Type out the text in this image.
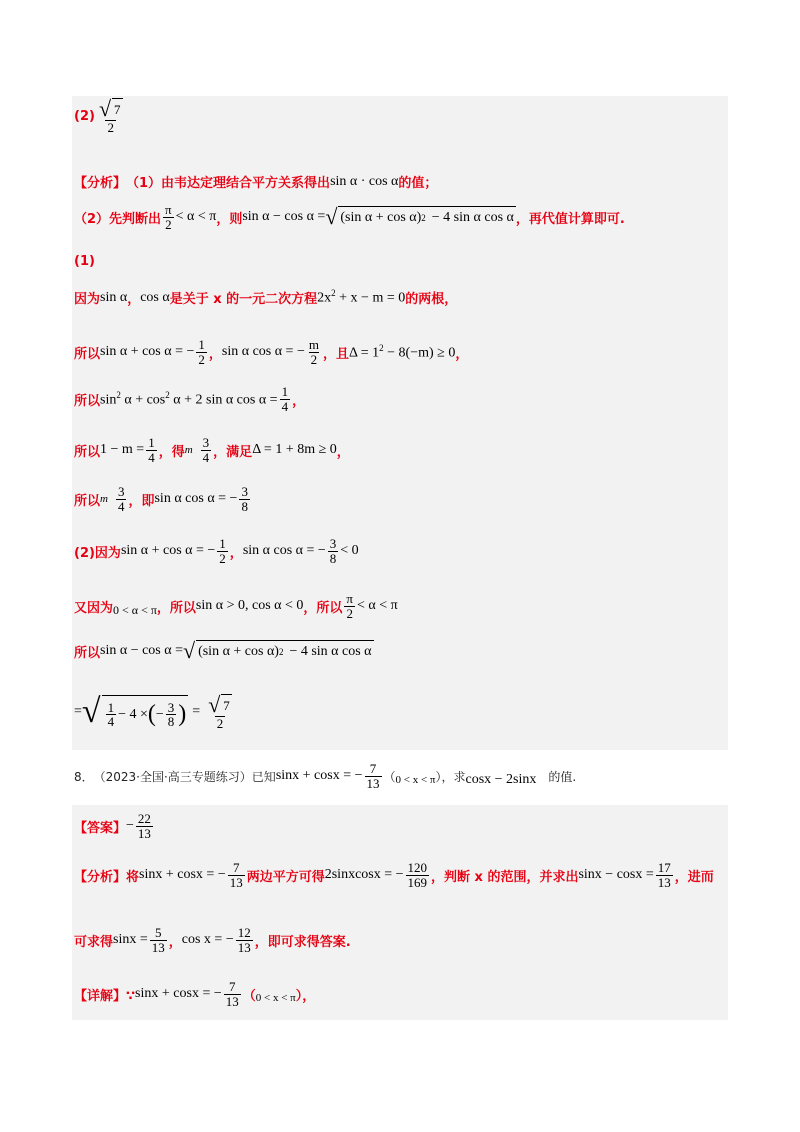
$(2) \frac{√ 7}{2}$
【分析】 （1）由韦达定理结合平方关系得出 sin α · cos α 的值；
（2）先判断出 $\frac{\pi}{2} < \alpha < \pi$ ，则 sin α − cos α = √ (sin α + cos α) 2 − 4 sin α cos α ，再代值计算即可.
(1)
因为 sin α ， cos α 是关于 x 的一元二次方程 $2x^2 + x - m = 0$ 的两根，
所以 sin α + cos α = − $\frac{1}{2}$ ， sin α cos α = − $\frac{m}{2}$ ，且 $\Delta = 1^2 - 8(-m) \ge 0$ ，
所以 $\sin^2 \alpha + \cos^2 \alpha + 2$ sin α $\cos \alpha = \frac{1}{4}$ ，
所以 $1 - m = \frac{1}{4}$ ，得 m $\frac{3}{4}$ ，满足 Δ = 1 + 8m ≥ 0 ，
所以 m $\frac{3}{4}$ ，即 sin α cos α = − $\frac{3}{8}$
(2)因为 sin α + cos α = − $\frac{1}{2}$ ， sin α cos α = − $\frac{3}{8} < 0$
又因为 0 < α < π ，所以 sin α > 0, cos α < 0 ，所以 $\frac{\pi}{2} < \alpha < \pi$
所以 sin α − cos α = √ (sin α + cos α) 2 − 4 sin α cos α
= √ $\frac{1}{4} - 4$ × ( − $\frac{3}{8}$ ) = $\frac{√ 7}{2}$
8． （2023·全国·高三专题练习）已知 sinx + cosx = − $\frac{7}{13}$ （ 0 < x < π ），求 cosx − 2sinx 的值.
【答案】 − $\frac{22}{13}$
【分析】 将 sinx + cosx = − $\frac{7}{13}$ 两边平方可得 2sinxcosx = − $\frac{120}{169}$ ，判断 x 的范围，并求出 $\sin x - \cos x = \frac{17}{13}$ ，进而
可求得 $\sin x = \frac{5}{13}$ ， cos x = − $\frac{12}{13}$ ，即可求得答案.
【详解】∵ sinx + cosx = − $\frac{7}{13}$ （ 0 < x < π ），
